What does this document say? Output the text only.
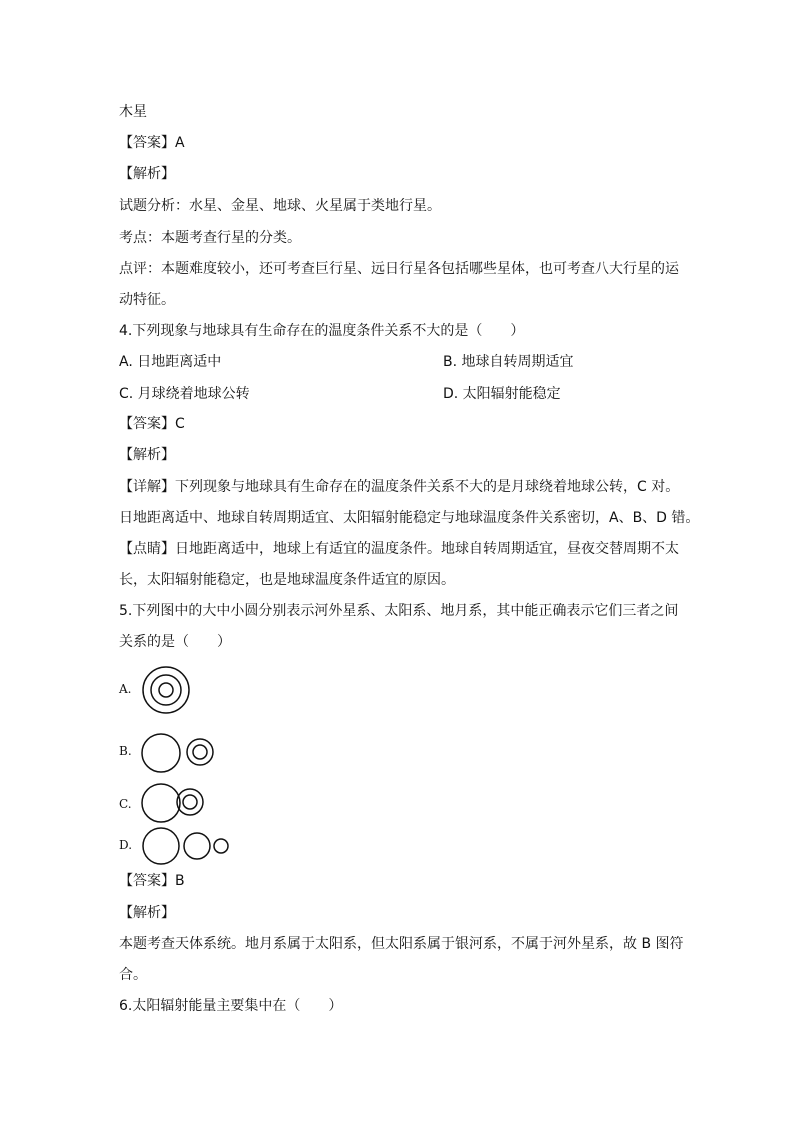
木星
【答案】A
【解析】
试题分析：水星、金星、地球、火星属于类地行星。
考点：本题考查行星的分类。
点评：本题难度较小，还可考查巨行星、远日行星各包括哪些星体，也可考查八大行星的运
动特征。
4.下列现象与地球具有生命存在的温度条件关系不大的是（　　）
A. 日地距离适中	B. 地球自转周期适宜
C. 月球绕着地球公转	D. 太阳辐射能稳定
【答案】C
【解析】
【详解】下列现象与地球具有生命存在的温度条件关系不大的是月球绕着地球公转，C 对。
日地距离适中、地球自转周期适宜、太阳辐射能稳定与地球温度条件关系密切，A、B、D 错。
【点睛】日地距离适中，地球上有适宜的温度条件。地球自转周期适宜，昼夜交替周期不太
长，太阳辐射能稳定，也是地球温度条件适宜的原因。
5.下列图中的大中小圆分别表示河外星系、太阳系、地月系，其中能正确表示它们三者之间
关系的是（　　）
A.
B.
C.
D.
【答案】B
【解析】
本题考查天体系统。地月系属于太阳系，但太阳系属于银河系，不属于河外星系，故 B 图符
合。
6.太阳辐射能量主要集中在（　　）
